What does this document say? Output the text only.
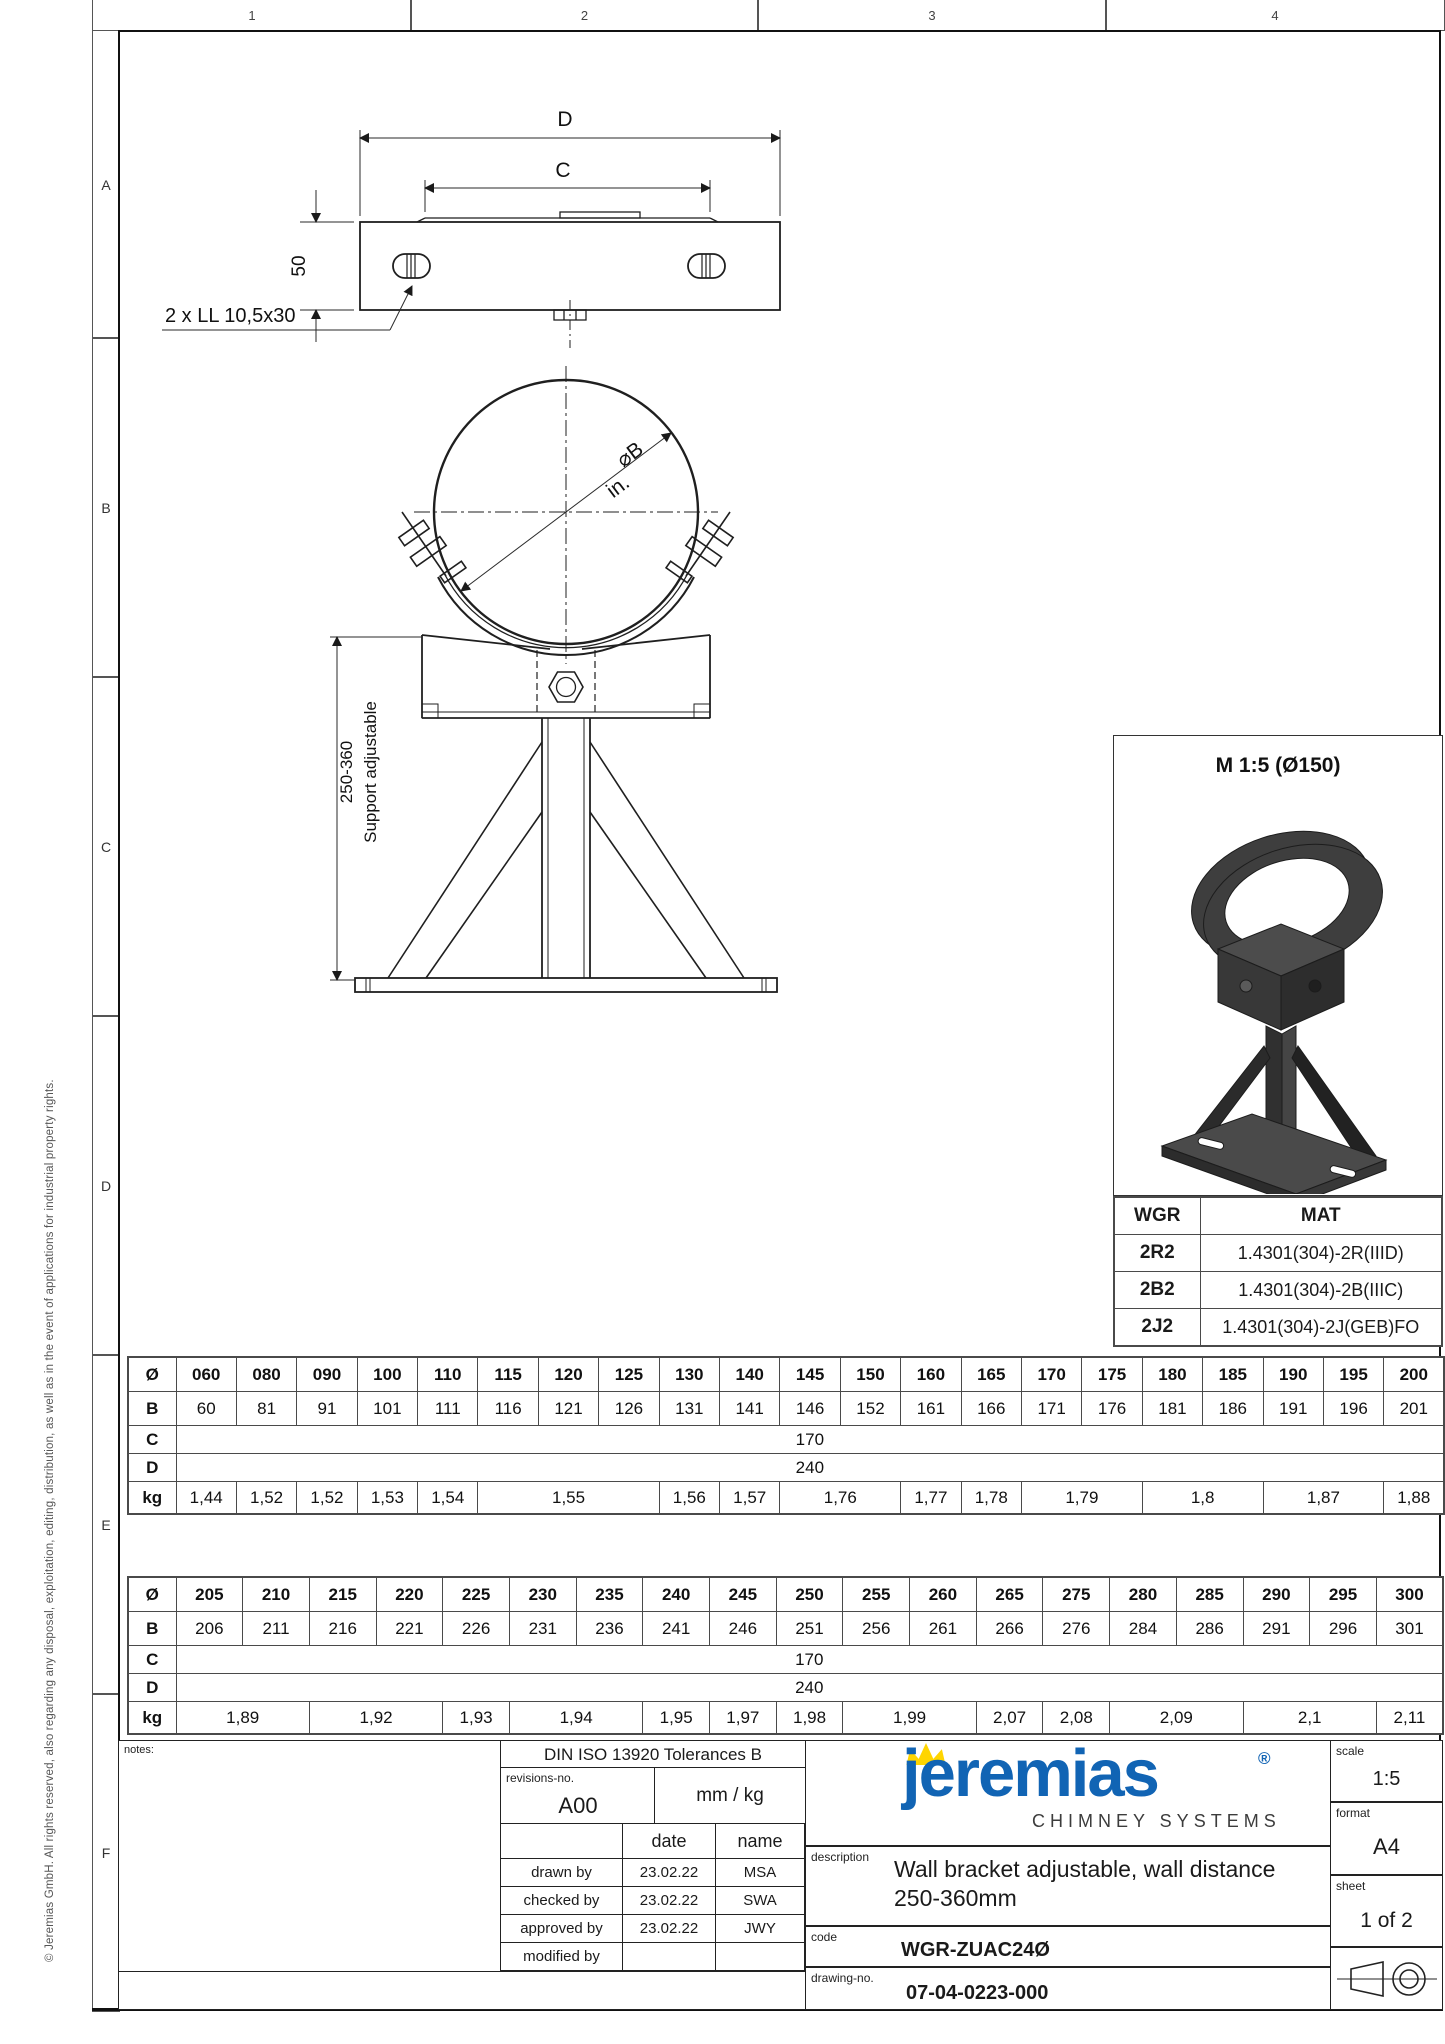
1	2	3	4
A
B
C
D
E
F
© Jeremias GmbH. All rights reserved, also regarding any disposal, exploitation, editing, distribution, as well as in the event of applications for industrial property rights.
D
C
50
2 x LL 10,5x30
⌀B
in.
250-360 Support adjustable	M 1:5 (Ø150)
WGR	MAT
2R2	1.4301(304)-2R(IIID)
2B2	1.4301(304)-2B(IIIC)
2J2	1.4301(304)-2J(GEB)FO
Ø	060	080	090	100	110	115	120	125	130	140	145	150	160	165	170	175	180	185	190	195	200
B	60	81	91	101	111	116	121	126	131	141	146	152	161	166	171	176	181	186	191	196	201
C	170																				
D	240																				
kg	1,44	1,52	1,52	1,53	1,54	1,55			1,56	1,57	1,76		1,77	1,78	1,79		1,8		1,87		1,88
Ø	205	210	215	220	225	230	235	240	245	250	255	260	265	275	280	285	290	295	300
B	206	211	216	221	226	231	236	241	246	251	256	261	266	276	284	286	291	296	301
C	170																		
D	240																		
kg	1,89		1,92		1,93	1,94		1,95	1,97	1,98	1,99		2,07	2,08	2,09		2,1		2,11
notes:	DIN ISO 13920 Tolerances B
revisions-no.
A00	mm / kg
	date	name
drawn by	23.02.22	MSA
checked by	23.02.22	SWA
approved by	23.02.22	JWY
modified by		
jeremias	®
CHIMNEY SYSTEMS
description Wall bracket adjustable, wall distance 250-360mm
code
WGR-ZUAC24Ø
drawing-no.
07-04-0223-000
scale
1:5
format
A4
sheet
1 of 2
